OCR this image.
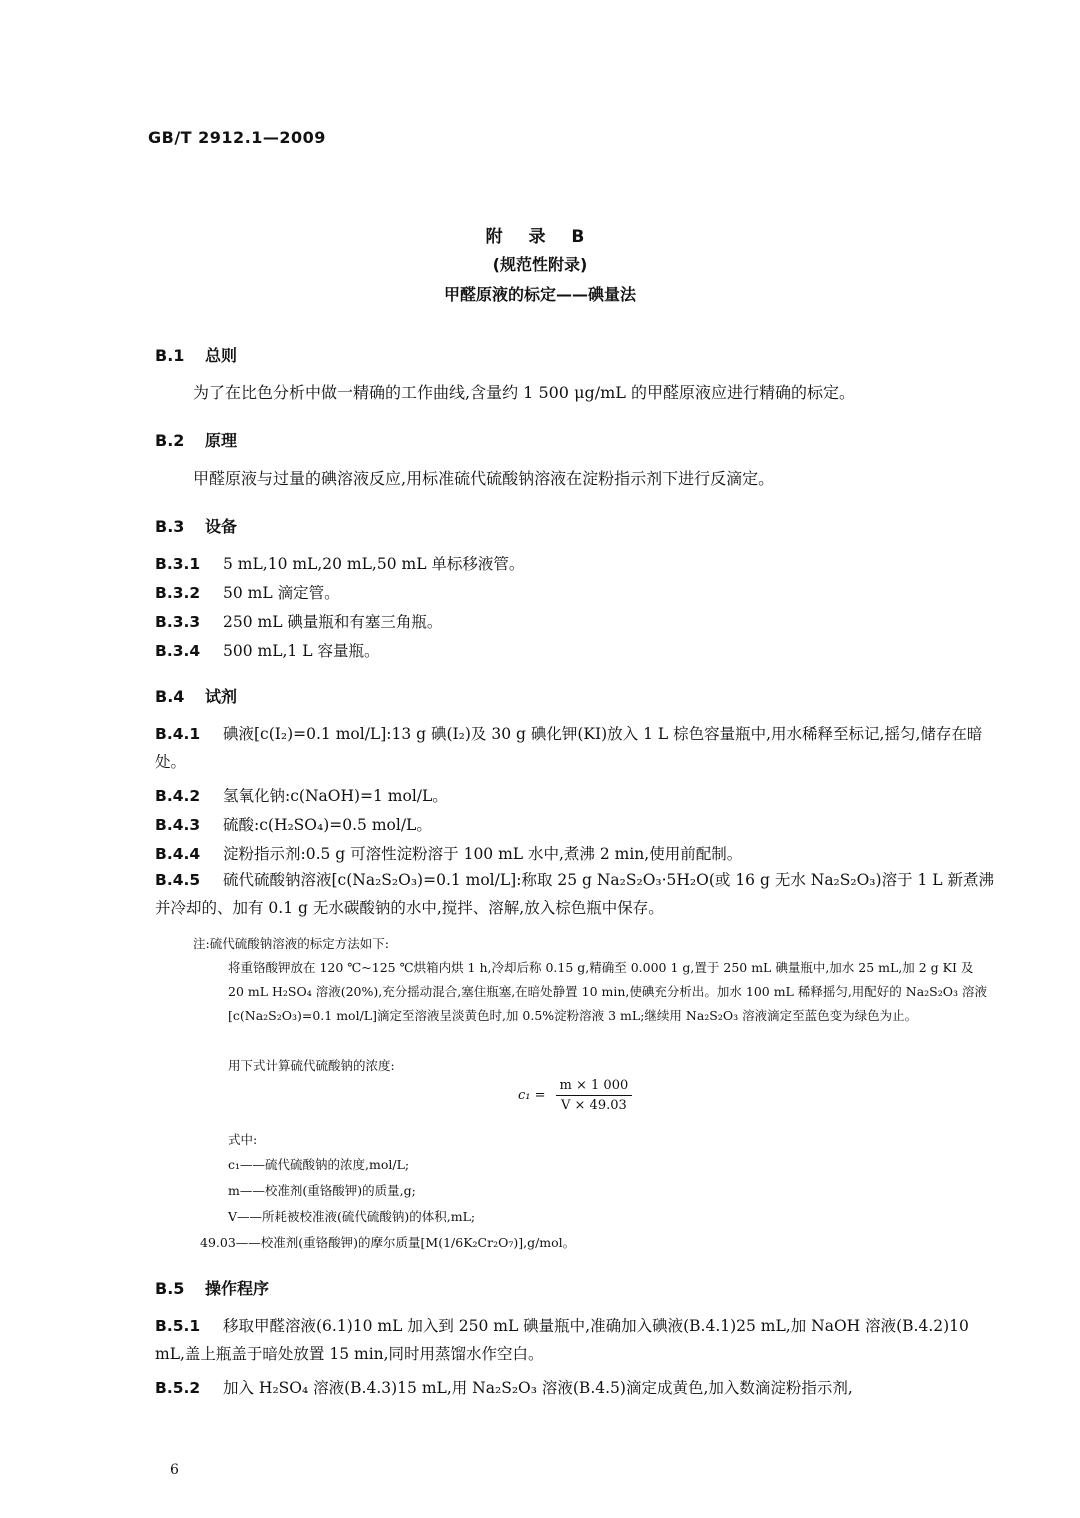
GB/T 2912.1—2009
附 录 B
(规范性附录)
甲醛原液的标定——碘量法
B.1 总则
为了在比色分析中做一精确的工作曲线,含量约 1 500 μg/mL 的甲醛原液应进行精确的标定。
B.2 原理
甲醛原液与过量的碘溶液反应,用标准硫代硫酸钠溶液在淀粉指示剂下进行反滴定。
B.3 设备
B.3.1 5 mL,10 mL,20 mL,50 mL 单标移液管。
B.3.2 50 mL 滴定管。
B.3.3 250 mL 碘量瓶和有塞三角瓶。
B.3.4 500 mL,1 L 容量瓶。
B.4 试剂
B.4.1 碘液[c(I₂)=0.1 mol/L]:13 g 碘(I₂)及 30 g 碘化钾(KI)放入 1 L 棕色容量瓶中,用水稀释至标记,摇匀,储存在暗处。
B.4.2 氢氧化钠:c(NaOH)=1 mol/L。
B.4.3 硫酸:c(H₂SO₄)=0.5 mol/L。
B.4.4 淀粉指示剂:0.5 g 可溶性淀粉溶于 100 mL 水中,煮沸 2 min,使用前配制。
B.4.5 硫代硫酸钠溶液[c(Na₂S₂O₃)=0.1 mol/L]:称取 25 g Na₂S₂O₃·5H₂O(或 16 g 无水 Na₂S₂O₃)溶于 1 L 新煮沸并冷却的、加有 0.1 g 无水碳酸钠的水中,搅拌、溶解,放入棕色瓶中保存。
注:硫代硫酸钠溶液的标定方法如下:
将重铬酸钾放在 120 ℃~125 ℃烘箱内烘 1 h,冷却后称 0.15 g,精确至 0.000 1 g,置于 250 mL 碘量瓶中,加水 25 mL,加 2 g KI 及 20 mL H₂SO₄ 溶液(20%),充分摇动混合,塞住瓶塞,在暗处静置 10 min,使碘充分析出。加水 100 mL 稀释摇匀,用配好的 Na₂S₂O₃ 溶液[c(Na₂S₂O₃)=0.1 mol/L]滴定至溶液呈淡黄色时,加 0.5%淀粉溶液 3 mL;继续用 Na₂S₂O₃ 溶液滴定至蓝色变为绿色为止。
用下式计算硫代硫酸钠的浓度:
$c_1 = \frac{m \times 1 000}{V \times 49.03}$
式中:
c₁——硫代硫酸钠的浓度,mol/L;
m——校准剂(重铬酸钾)的质量,g;
V——所耗被校准液(硫代硫酸钠)的体积,mL;
49.03——校准剂(重铬酸钾)的摩尔质量[M(1/6K₂Cr₂O₇)],g/mol。
B.5 操作程序
B.5.1 移取甲醛溶液(6.1)10 mL 加入到 250 mL 碘量瓶中,准确加入碘液(B.4.1)25 mL,加 NaOH 溶液(B.4.2)10 mL,盖上瓶盖于暗处放置 15 min,同时用蒸馏水作空白。
B.5.2 加入 H₂SO₄ 溶液(B.4.3)15 mL,用 Na₂S₂O₃ 溶液(B.4.5)滴定成黄色,加入数滴淀粉指示剂,
6
